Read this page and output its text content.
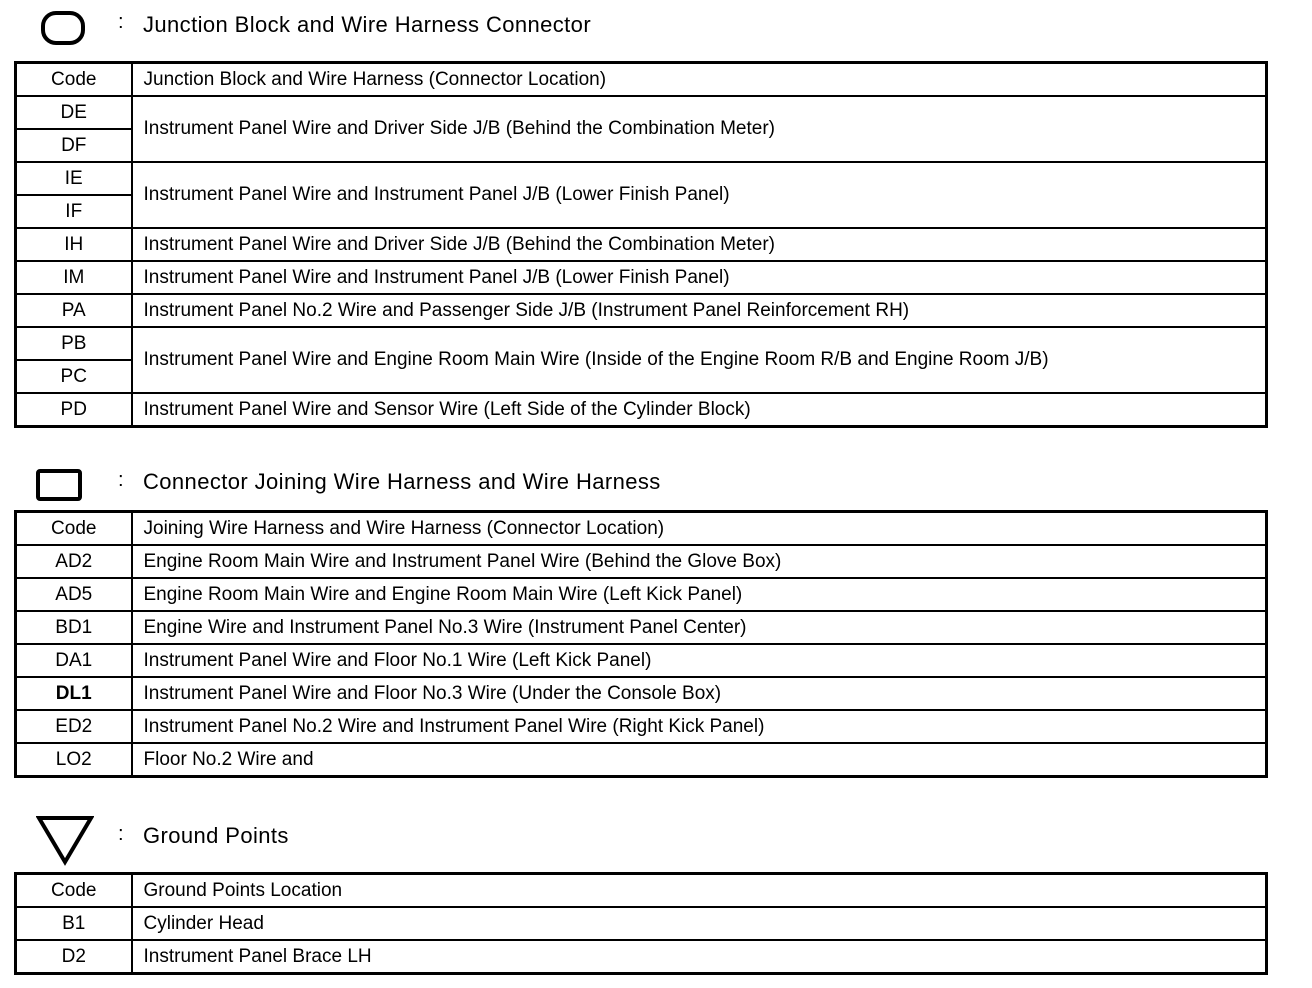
: Junction Block and Wire Harness Connector
Code	Junction Block and Wire Harness (Connector Location)
DE	Instrument Panel Wire and Driver Side J/B (Behind the Combination Meter)
DF	
IE	Instrument Panel Wire and Instrument Panel J/B (Lower Finish Panel)
IF	
IH	Instrument Panel Wire and Driver Side J/B (Behind the Combination Meter)
IM	Instrument Panel Wire and Instrument Panel J/B (Lower Finish Panel)
PA	Instrument Panel No.2 Wire and Passenger Side J/B (Instrument Panel Reinforcement RH)
PB	Instrument Panel Wire and Engine Room Main Wire (Inside of the Engine Room R/B and Engine Room J/B)
PC	
PD	Instrument Panel Wire and Sensor Wire (Left Side of the Cylinder Block)
: Connector Joining Wire Harness and Wire Harness
Code	Joining Wire Harness and Wire Harness (Connector Location)
AD2	Engine Room Main Wire and Instrument Panel Wire (Behind the Glove Box)
AD5	Engine Room Main Wire and Engine Room Main Wire (Left Kick Panel)
BD1	Engine Wire and Instrument Panel No.3 Wire (Instrument Panel Center)
DA1	Instrument Panel Wire and Floor No.1 Wire (Left Kick Panel)
DL1	Instrument Panel Wire and Floor No.3 Wire (Under the Console Box)
ED2	Instrument Panel No.2 Wire and Instrument Panel Wire (Right Kick Panel)
LO2	Floor No.2 Wire and
: Ground Points
Code	Ground Points Location
B1	Cylinder Head
D2	Instrument Panel Brace LH
